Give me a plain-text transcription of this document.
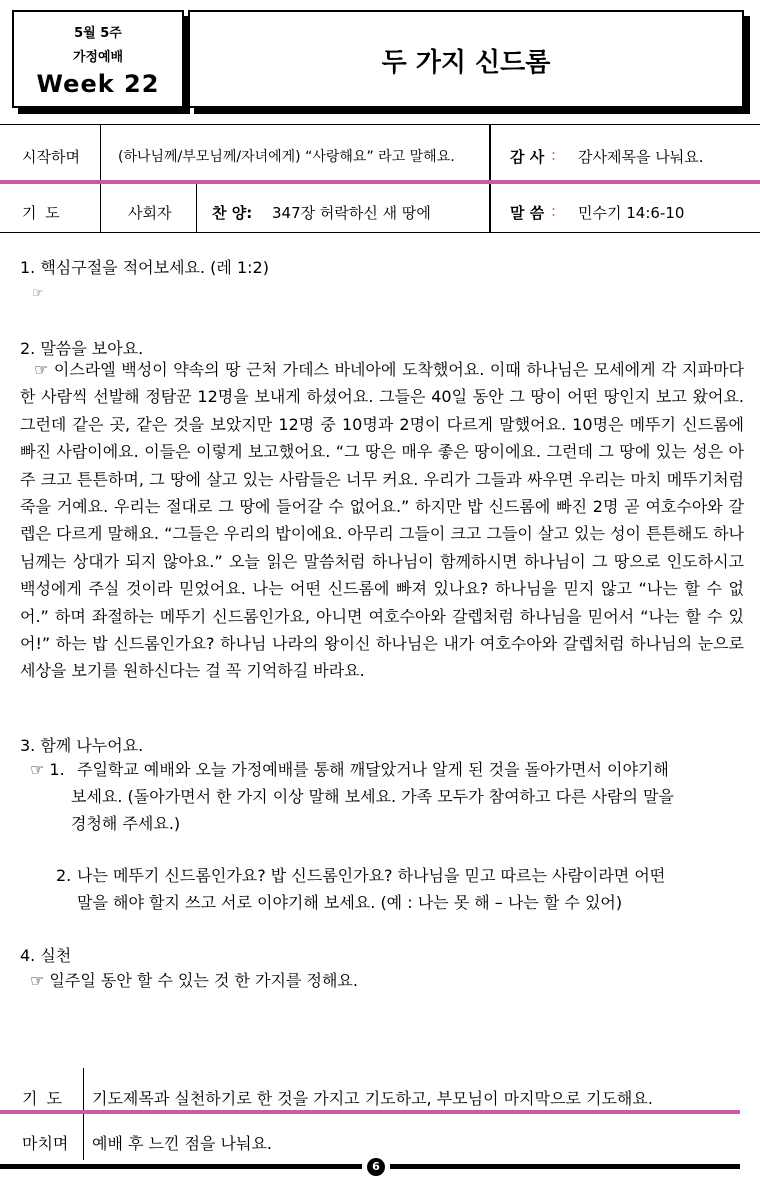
5월 5주
가정예배
Week 22
두 가지 신드롬
시작하며	(하나님께/부모님께/자녀에게) “사랑해요” 라고 말해요.	감 사 : 감사제목을 나눠요.
기 도	사회자	찬 양: 347장 허락하신 새 땅에	말 씀 : 민수기 14:6-10
1. 핵심구절을 적어보세요. (레 1:2)
☞
2. 말씀을 보아요.
☞ 이스라엘 백성이 약속의 땅 근처 가데스 바네아에 도착했어요. 이때 하나님은 모세에게 각 지파마다 한 사람씩 선발해 정탐꾼 12명을 보내게 하셨어요. 그들은 40일 동안 그 땅이 어떤 땅인지 보고 왔어요. 그런데 같은 곳, 같은 것을 보았지만 12명 중 10명과 2명이 다르게 말했어요. 10명은 메뚜기 신드롬에 빠진 사람이에요. 이들은 이렇게 보고했어요. “그 땅은 매우 좋은 땅이에요. 그런데 그 땅에 있는 성은 아주 크고 튼튼하며, 그 땅에 살고 있는 사람들은 너무 커요. 우리가 그들과 싸우면 우리는 마치 메뚜기처럼 죽을 거예요. 우리는 절대로 그 땅에 들어갈 수 없어요.” 하지만 밥 신드롬에 빠진 2명 곧 여호수아와 갈렙은 다르게 말해요. “그들은 우리의 밥이에요. 아무리 그들이 크고 그들이 살고 있는 성이 튼튼해도 하나님께는 상대가 되지 않아요.” 오늘 읽은 말씀처럼 하나님이 함께하시면 하나님이 그 땅으로 인도하시고 백성에게 주실 것이라 믿었어요. 나는 어떤 신드롬에 빠져 있나요? 하나님을 믿지 않고 “나는 할 수 없어.” 하며 좌절하는 메뚜기 신드롬인가요, 아니면 여호수아와 갈렙처럼 하나님을 믿어서 “나는 할 수 있어!” 하는 밥 신드롬인가요? 하나님 나라의 왕이신 하나님은 내가 여호수아와 갈렙처럼 하나님의 눈으로 세상을 보기를 원하신다는 걸 꼭 기억하길 바라요.
3. 함께 나누어요.
☞ 1. 주일학교 예배와 오늘 가정예배를 통해 깨달았거나 알게 된 것을 돌아가면서 이야기해
보세요. (돌아가면서 한 가지 이상 말해 보세요. 가족 모두가 참여하고 다른 사람의 말을
경청해 주세요.)
2. 나는 메뚜기 신드롬인가요? 밥 신드롬인가요? 하나님을 믿고 따르는 사람이라면 어떤
말을 해야 할지 쓰고 서로 이야기해 보세요. (예 : 나는 못 해 – 나는 할 수 있어)
4. 실천
☞ 일주일 동안 할 수 있는 것 한 가지를 정해요.
기 도 기도제목과 실천하기로 한 것을 가지고 기도하고, 부모님이 마지막으로 기도해요.
마치며 예배 후 느낀 점을 나눠요.
6
